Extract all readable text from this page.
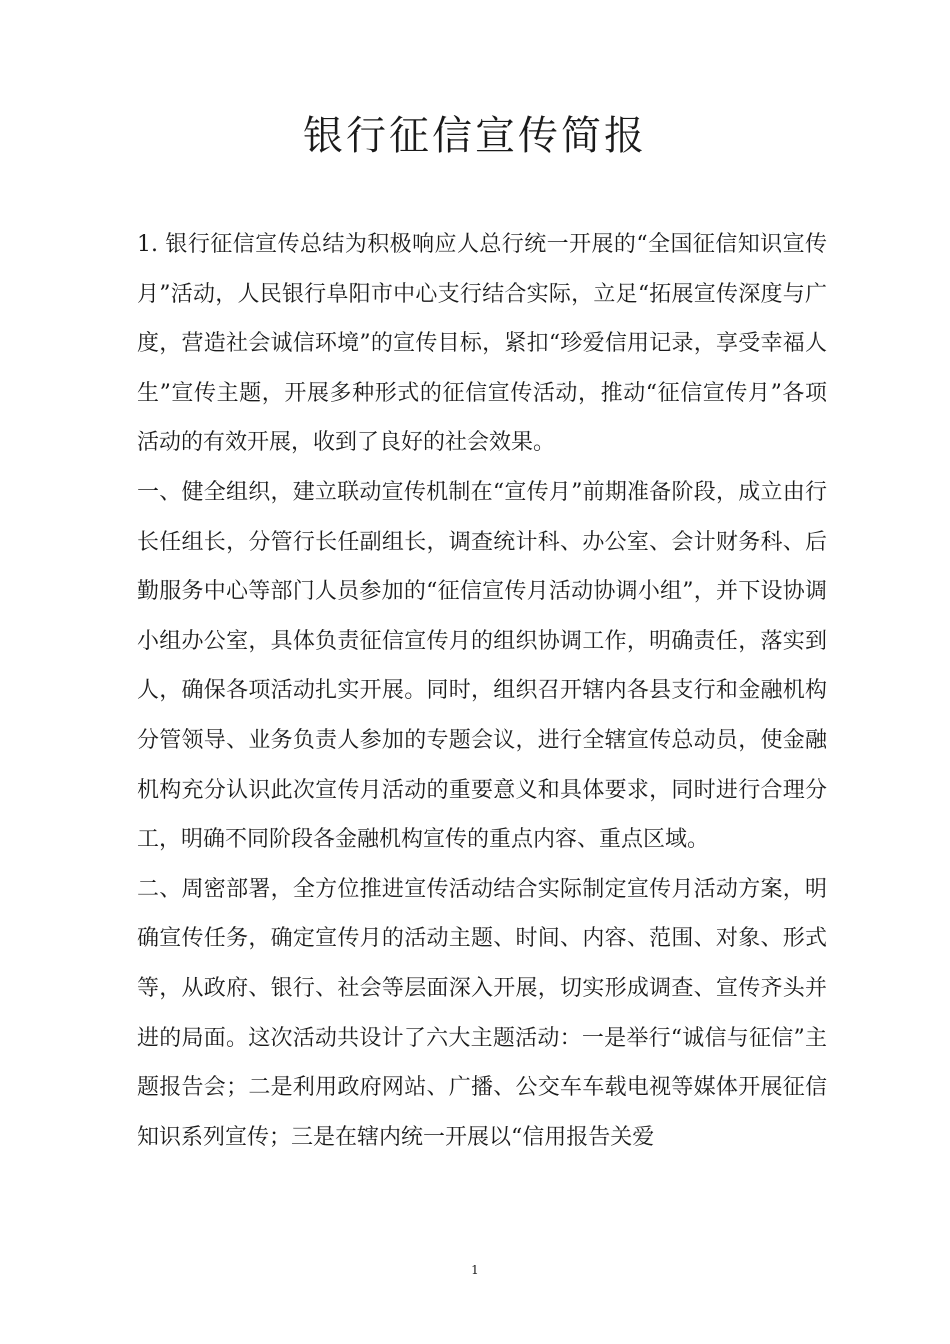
银行征信宣传简报

1. 银行征信宣传总结为积极响应人总行统一开展的“全国征信知识宣传月”活动，人民银行阜阳市中心支行结合实际，立足“拓展宣传深度与广度，营造社会诚信环境”的宣传目标，紧扣“珍爱信用记录，享受幸福人生”宣传主题，开展多种形式的征信宣传活动，推动“征信宣传月”各项活动的有效开展，收到了良好的社会效果。

一、健全组织，建立联动宣传机制在“宣传月”前期准备阶段，成立由行长任组长，分管行长任副组长，调查统计科、办公室、会计财务科、后勤服务中心等部门人员参加的“征信宣传月活动协调小组”，并下设协调小组办公室，具体负责征信宣传月的组织协调工作，明确责任，落实到人，确保各项活动扎实开展。同时，组织召开辖内各县支行和金融机构分管领导、业务负责人参加的专题会议，进行全辖宣传总动员，使金融机构充分认识此次宣传月活动的重要意义和具体要求，同时进行合理分工，明确不同阶段各金融机构宣传的重点内容、重点区域。

二、周密部署，全方位推进宣传活动结合实际制定宣传月活动方案，明确宣传任务，确定宣传月的活动主题、时间、内容、范围、对象、形式等，从政府、银行、社会等层面深入开展，切实形成调查、宣传齐头并进的局面。这次活动共设计了六大主题活动：一是举行“诚信与征信”主题报告会；二是利用政府网站、广播、公交车车载电视等媒体开展征信知识系列宣传；三是在辖内统一开展以“信用报告关爱

1
